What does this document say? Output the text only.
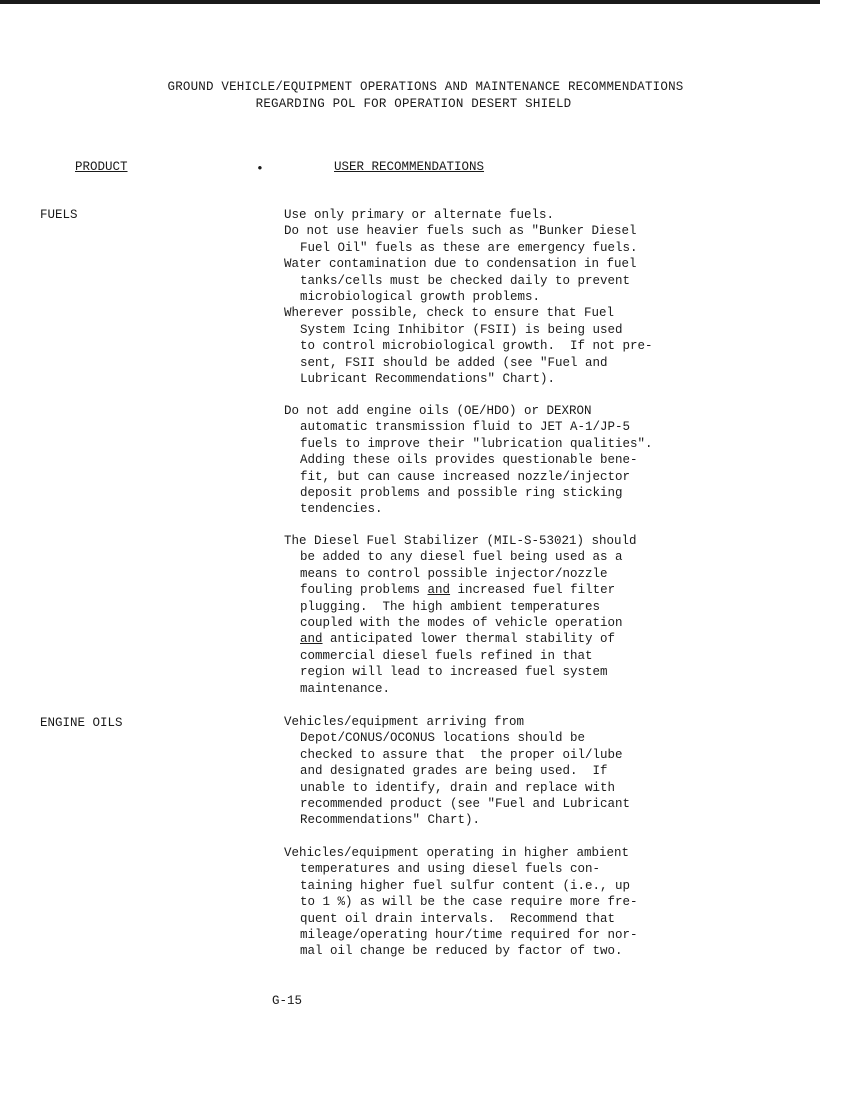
GROUND VEHICLE/EQUIPMENT OPERATIONS AND MAINTENANCE RECOMMENDATIONS
REGARDING POL FOR OPERATION DESERT SHIELD
PRODUCT	•	USER RECOMMENDATIONS
FUELS	Use only primary or alternate fuels.
Do not use heavier fuels such as "Bunker Diesel
Fuel Oil" fuels as these are emergency fuels.
Water contamination due to condensation in fuel
tanks/cells must be checked daily to prevent
microbiological growth problems.
Wherever possible, check to ensure that Fuel
System Icing Inhibitor (FSII) is being used
to control microbiological growth.  If not pre-
sent, FSII should be added (see "Fuel and
Lubricant Recommendations" Chart).
Do not add engine oils (OE/HDO) or DEXRON
automatic transmission fluid to JET A-1/JP-5
fuels to improve their "lubrication qualities".
Adding these oils provides questionable bene-
fit, but can cause increased nozzle/injector
deposit problems and possible ring sticking
tendencies.
The Diesel Fuel Stabilizer (MIL-S-53021) should
be added to any diesel fuel being used as a
means to control possible injector/nozzle
fouling problems and increased fuel filter
plugging.  The high ambient temperatures
coupled with the modes of vehicle operation
and anticipated lower thermal stability of
commercial diesel fuels refined in that
region will lead to increased fuel system
maintenance.
ENGINE OILS	Vehicles/equipment arriving from
Depot/CONUS/OCONUS locations should be
checked to assure that  the proper oil/lube
and designated grades are being used.  If
unable to identify, drain and replace with
recommended product (see "Fuel and Lubricant
Recommendations" Chart).
Vehicles/equipment operating in higher ambient
temperatures and using diesel fuels con-
taining higher fuel sulfur content (i.e., up
to 1 %) as will be the case require more fre-
quent oil drain intervals.  Recommend that
mileage/operating hour/time required for nor-
mal oil change be reduced by factor of two.
G-15
